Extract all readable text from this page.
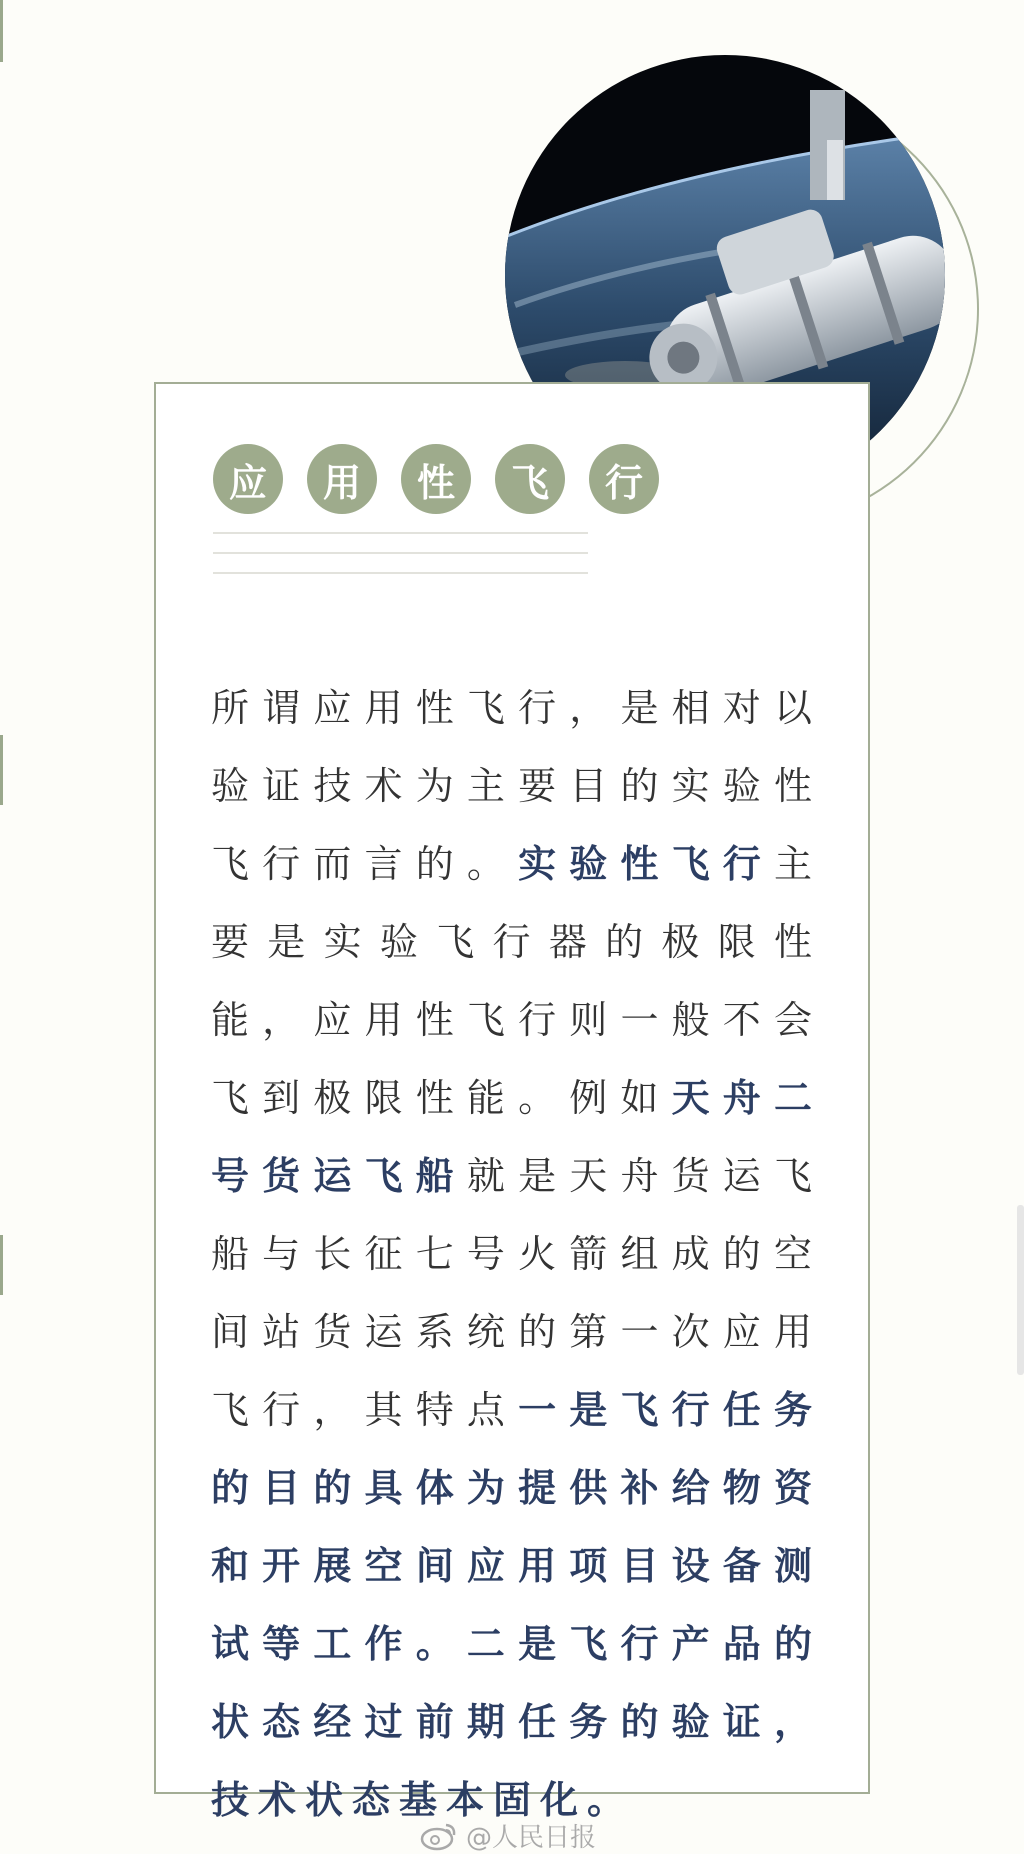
应	用	性	飞	行

所谓应用性飞行，是相对以验证技术为主要目的实验性飞行而言的。实验性飞行主要是实验飞行器的极限性能，应用性飞行则一般不会飞到极限性能。例如天舟二号货运飞船就是天舟货运飞船与长征七号火箭组成的空间站货运系统的第一次应用飞行，其特点一是飞行任务的目的具体为提供补给物资和开展空间应用项目设备测试等工作。二是飞行产品的状态经过前期任务的验证，技术状态基本固化。

@人民日报
